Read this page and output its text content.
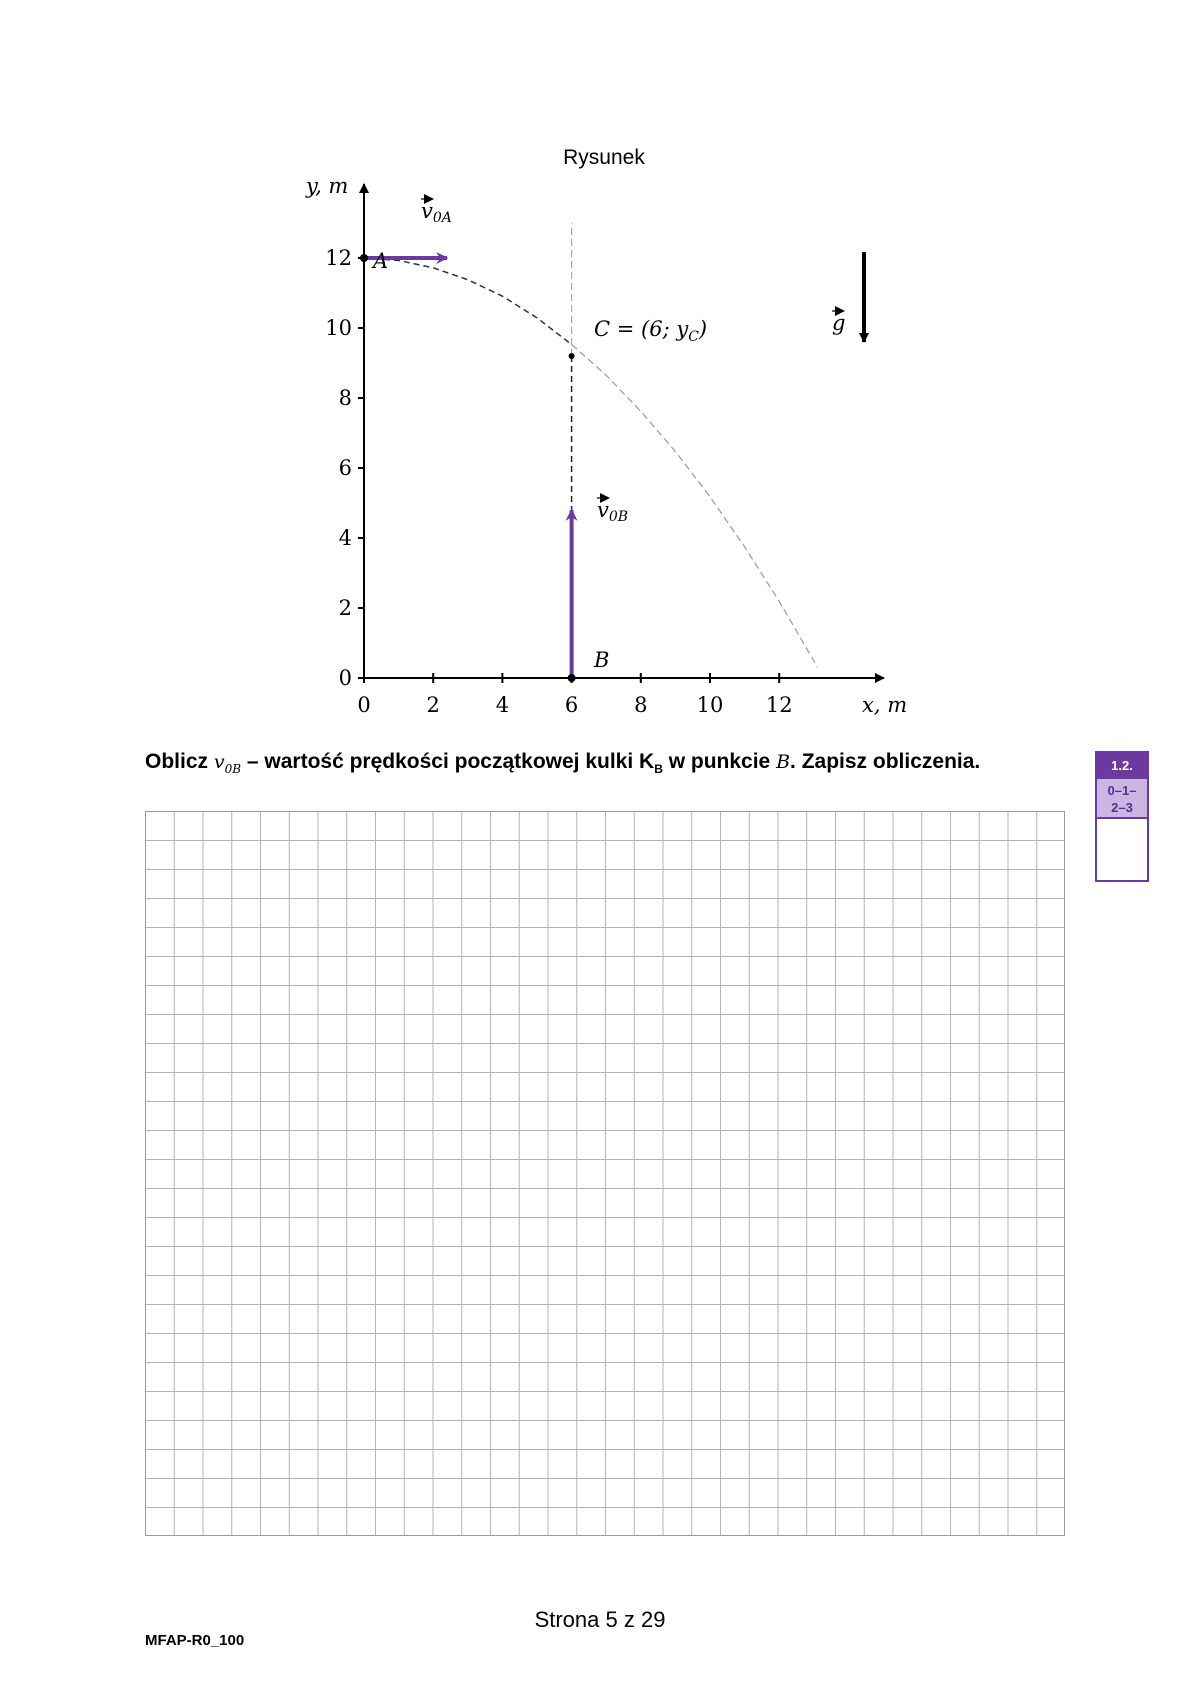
Rysunek
y, m
x, m
0	2	4	6	8 10 12
0
2
4
6
8
10
12 A
B
C = (6; $y_C$)
v0A
v0B
g
Oblicz $v_{0B}$ – wartość prędkości początkowej kulki $K_B$ w punkcie B. Zapisz obliczenia.	1.2.
0–1–
2–3
Strona 5 z 29
MFAP-R0_100
